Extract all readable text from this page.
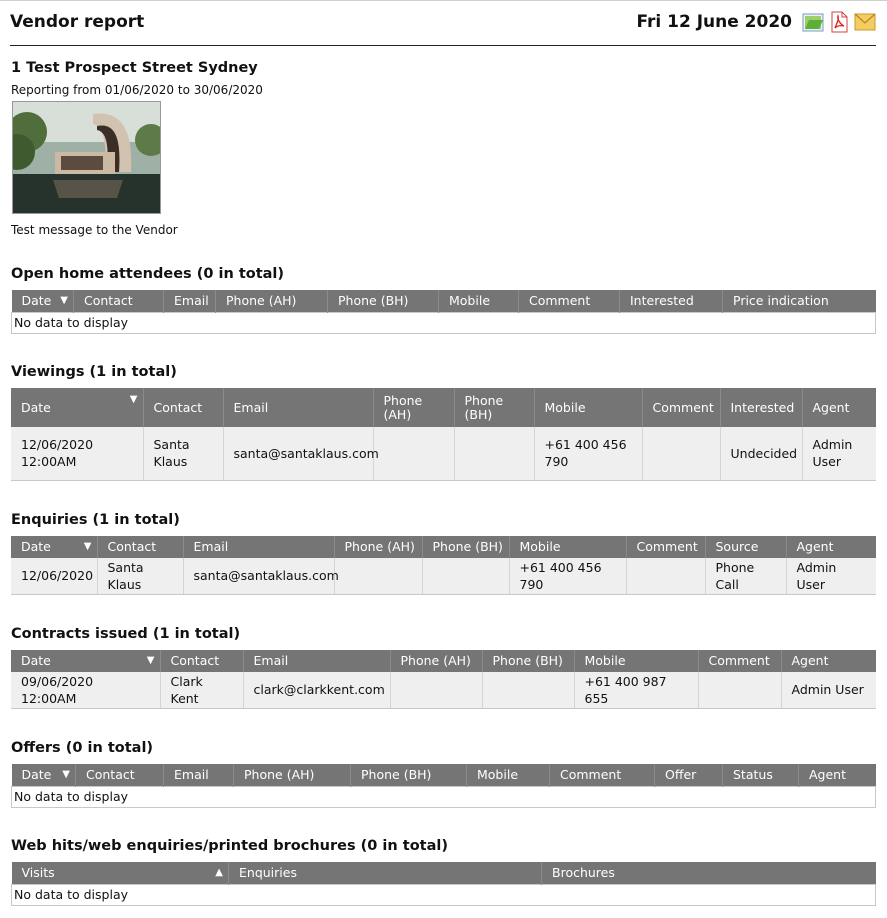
Vendor report	Fri 12 June 2020
1 Test Prospect Street Sydney
Reporting from 01/06/2020 to 30/06/2020
Test message to the Vendor
Open home attendees (0 in total)
Date ▼	Contact	Email	Phone (AH)	Phone (BH)	Mobile	Comment	Interested	Price indication
No data to display
Viewings (1 in total)
Date ▼	Contact	Email	Phone (AH)	Phone (BH)	Mobile	Comment	Interested	Agent
12/06/2020 12:00AM	Santa Klaus	santa@santaklaus.com			+61 400 456 790		Undecided	Admin User
Enquiries (1 in total)
Date ▼	Contact	Email	Phone (AH)	Phone (BH)	Mobile	Comment	Source	Agent
12/06/2020	Santa Klaus	santa@santaklaus.com			+61 400 456 790		Phone Call	Admin User
Contracts issued (1 in total)
Date ▼	Contact	Email	Phone (AH)	Phone (BH)	Mobile	Comment	Agent
09/06/2020 12:00AM	Clark Kent	clark@clarkkent.com			+61 400 987 655		Admin User
Offers (0 in total)
Date ▼	Contact	Email	Phone (AH)	Phone (BH)	Mobile	Comment	Offer	Status	Agent
No data to display
Web hits/web enquiries/printed brochures (0 in total)
Visits	▲	Enquiries	Brochures
No data to display
